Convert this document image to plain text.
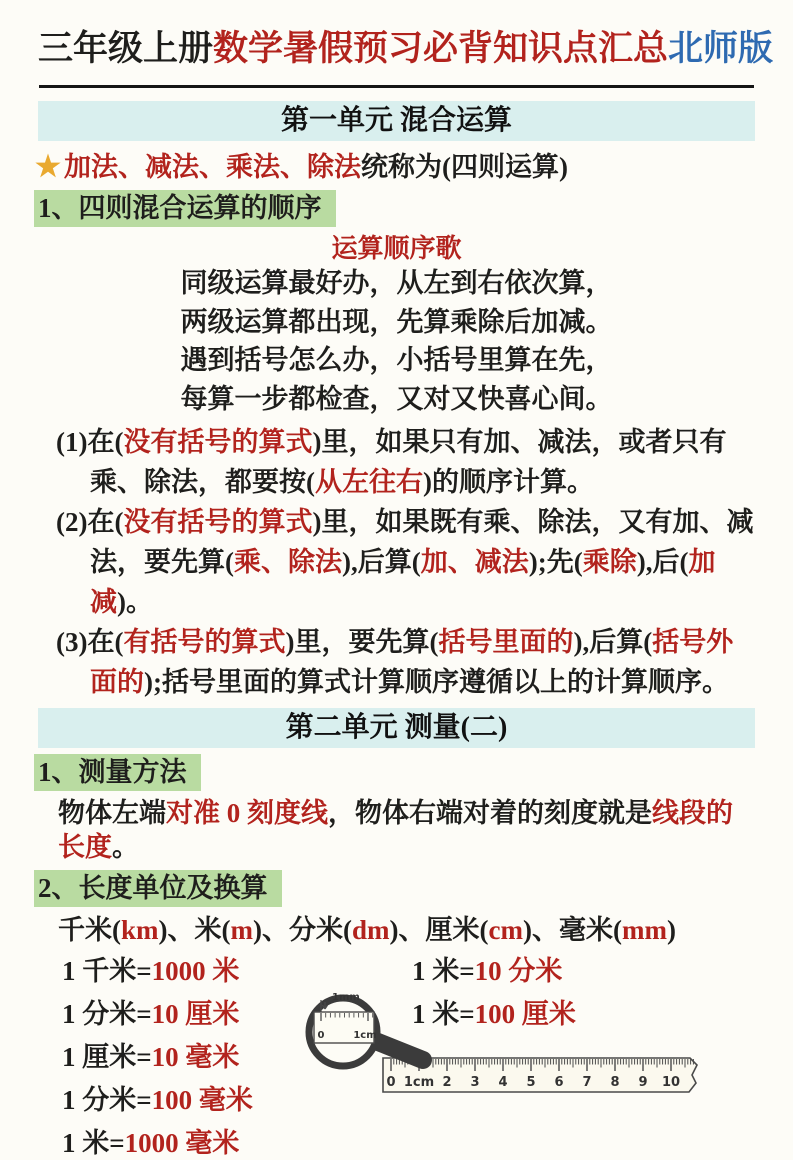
三年级上册数学暑假预习必背知识点汇总北师版
第一单元 混合运算
★ 加法、减法、乘法、除法统称为(四则运算)
1、四则混合运算的顺序
运算顺序歌
同级运算最好办，从左到右依次算，
两级运算都出现，先算乘除后加减。
遇到括号怎么办，小括号里算在先，
每算一步都检查，又对又快喜心间。
(1)在(没有括号的算式)里，如果只有加、减法，或者只有乘、除法，都要按(从左往右)的顺序计算。
(2)在(没有括号的算式)里，如果既有乘、除法，又有加、减法，要先算(乘、除法),后算(加、减法);先(乘除),后(加减)。
(3)在(有括号的算式)里，要先算(括号里面的),后算(括号外面的);括号里面的算式计算顺序遵循以上的计算顺序。
第二单元 测量(二)
1、测量方法
物体左端对准 0 刻度线，物体右端对着的刻度就是线段的长度。
2、长度单位及换算
千米(km)、米(m)、分米(dm)、厘米(cm)、毫米(mm)
1 千米=1000 米	1 米=10 分米
1 分米=10 厘米	1 米=100 厘米
1 厘米=10 毫米
1 分米=100 毫米
1 米=1000 毫米
0 1cm 2 3 4 5 6 7 8 9 10
1mm
0	1cm
